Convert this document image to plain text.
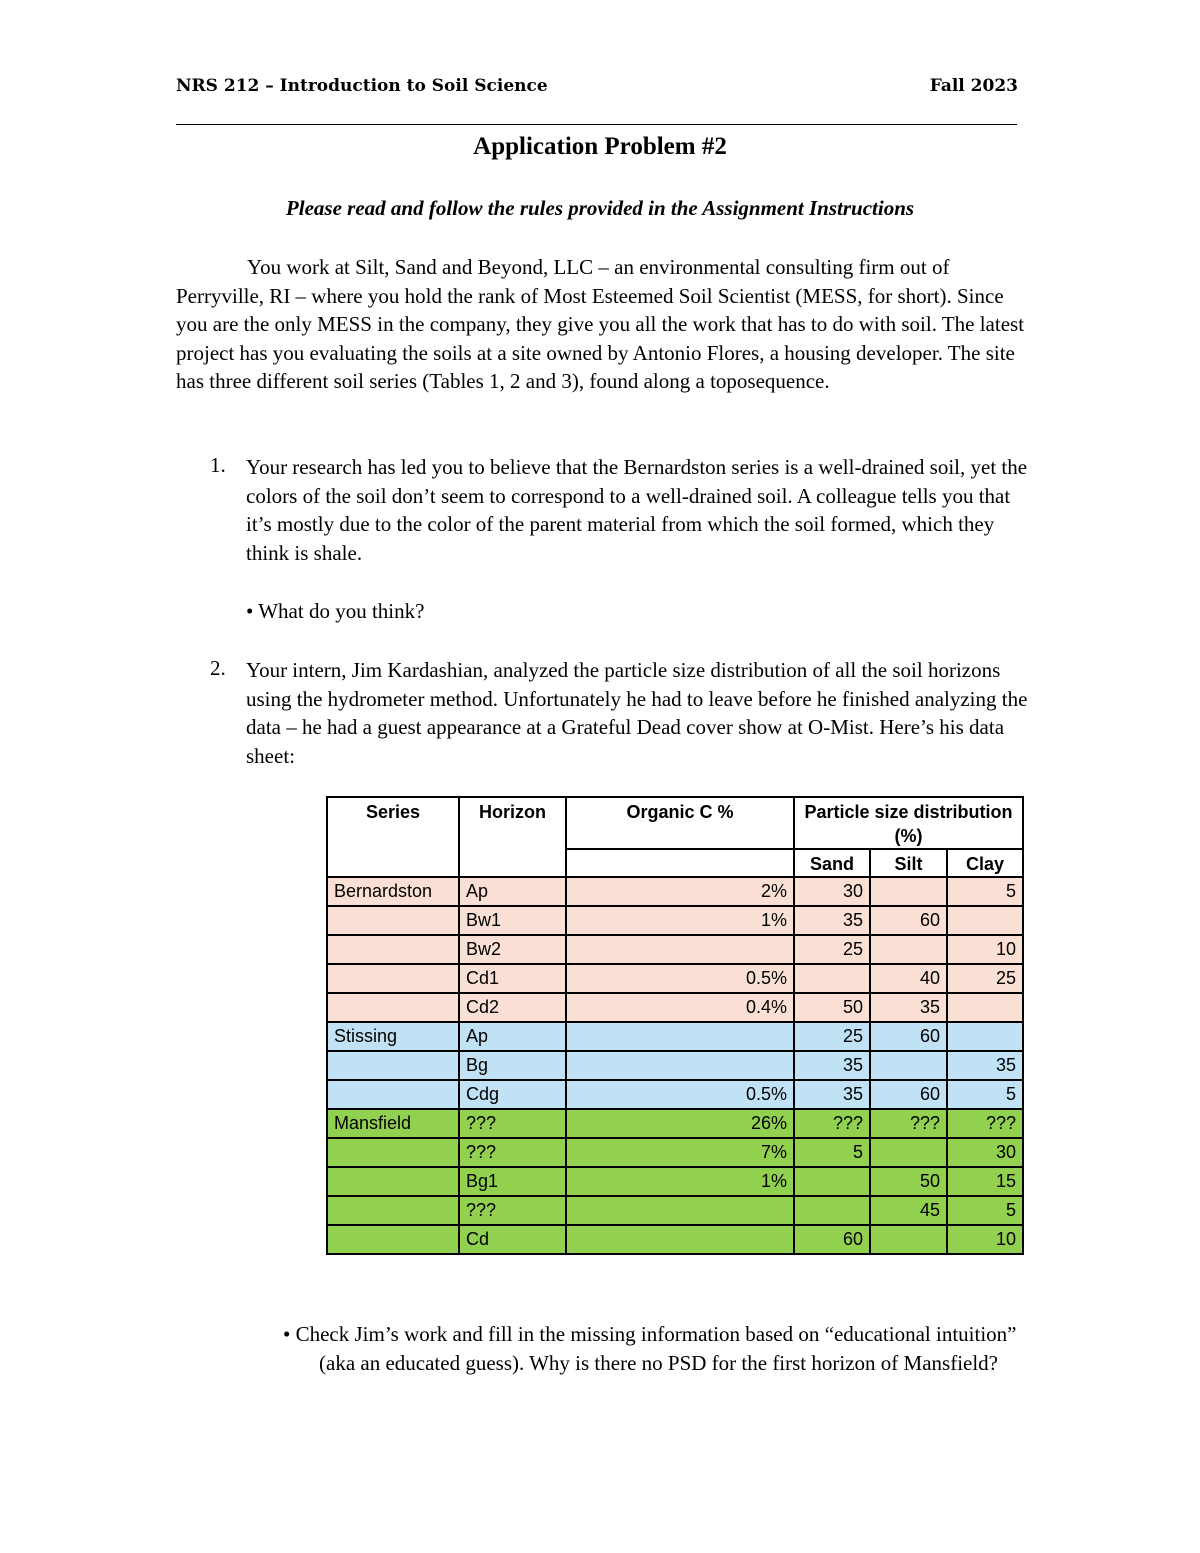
NRS 212 – Introduction to Soil Science	Fall 2023
Application Problem #2
Please read and follow the rules provided in the Assignment Instructions
You work at Silt, Sand and Beyond, LLC – an environmental consulting firm out of Perryville, RI – where you hold the rank of Most Esteemed Soil Scientist (MESS, for short). Since you are the only MESS in the company, they give you all the work that has to do with soil. The latest project has you evaluating the soils at a site owned by Antonio Flores, a housing developer. The site has three different soil series (Tables 1, 2 and 3), found along a toposequence.
1. Your research has led you to believe that the Bernardston series is a well-drained soil, yet the colors of the soil don’t seem to correspond to a well-drained soil. A colleague tells you that it’s mostly due to the color of the parent material from which the soil formed, which they think is shale.
• What do you think?
2. Your intern, Jim Kardashian, analyzed the particle size distribution of all the soil horizons using the hydrometer method. Unfortunately he had to leave before he finished analyzing the data – he had a guest appearance at a Grateful Dead cover show at O-Mist. Here’s his data sheet:
Series	Horizon	Organic C %	Particle size distribution (%)		
			Sand	Silt	Clay
Bernardston	Ap	2%	30		5
	Bw1	1%	35	60	
	Bw2		25		10
	Cd1	0.5%		40	25
	Cd2	0.4%	50	35	
Stissing	Ap		25	60	
	Bg		35		35
	Cdg	0.5%	35	60	5
Mansfield	???	26%	???	???	???
	???	7%	5		30
	Bg1	1%		50	15
	???			45	5
	Cd		60		10
• Check Jim’s work and fill in the missing information based on “educational intuition” (aka an educated guess). Why is there no PSD for the first horizon of Mansfield?
